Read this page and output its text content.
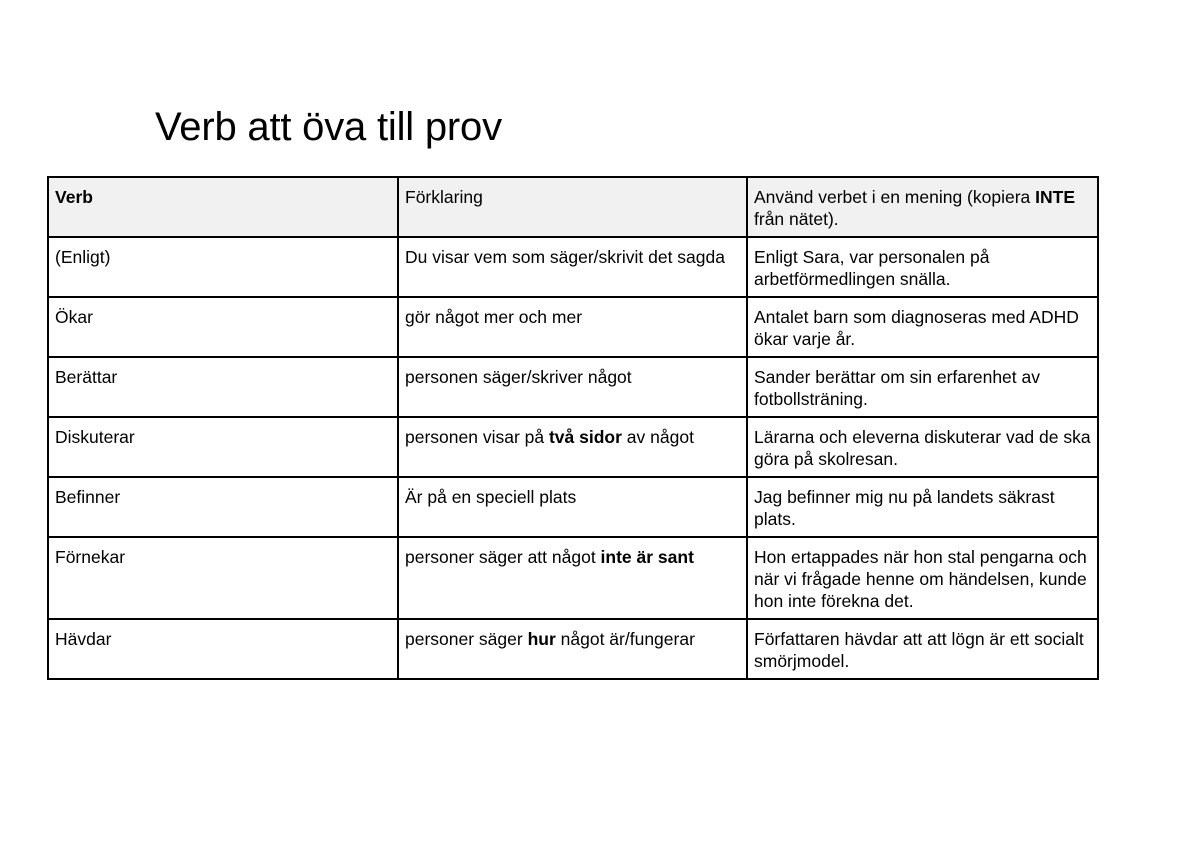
Verb att öva till prov
Verb	Förklaring	Använd verbet i en mening (kopiera INTE från nätet).
(Enligt)	Du visar vem som säger/skrivit det sagda	Enligt Sara, var personalen på arbetförmedlingen snälla.
Ökar	gör något mer och mer	Antalet barn som diagnoseras med ADHD ökar varje år.
Berättar	personen säger/skriver något	Sander berättar om sin erfarenhet av fotbollsträning.
Diskuterar	personen visar på två sidor av något	Lärarna och eleverna diskuterar vad de ska göra på skolresan.
Befinner	Är på en speciell plats	Jag befinner mig nu på landets säkrast plats.
Förnekar	personer säger att något inte är sant	Hon ertappades när hon stal pengarna och när vi frågade henne om händelsen, kunde hon inte förekna det.
Hävdar	personer säger hur något är/fungerar	Författaren hävdar att att lögn är ett socialt smörjmodel.
